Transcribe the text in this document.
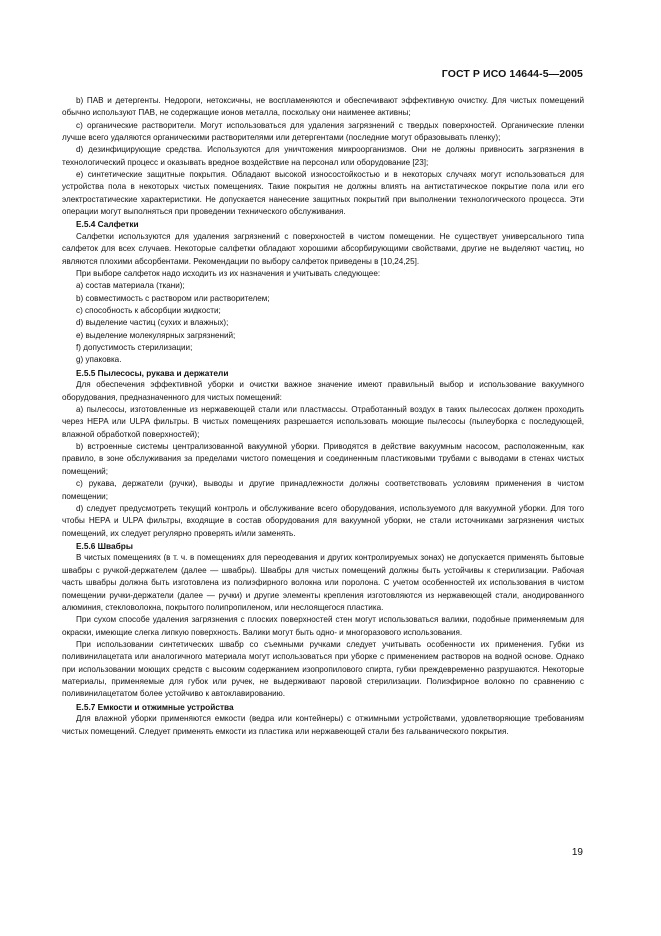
ГОСТ Р ИСО 14644-5—2005

b) ПАВ и детергенты. Недороги, нетоксичны, не воспламеняются и обеспечивают эффективную очистку. Для чистых помещений обычно используют ПАВ, не содержащие ионов металла, поскольку они наименее активны;

c) органические растворители. Могут использоваться для удаления загрязнений с твердых поверхностей. Органические пленки лучше всего удаляются органическими растворителями или детергентами (последние могут образовывать пленку);

d) дезинфицирующие средства. Используются для уничтожения микроорганизмов. Они не должны привносить загрязнения в технологический процесс и оказывать вредное воздействие на персонал или оборудование [23];

e) синтетические защитные покрытия. Обладают высокой износостойкостью и в некоторых случаях могут использоваться для устройства пола в некоторых чистых помещениях. Такие покрытия не должны влиять на антистатическое покрытие пола или его электростатические характеристики. Не допускается нанесение защитных покрытий при выполнении технологического процесса. Эти операции могут выполняться при проведении технического обслуживания.

Е.5.4 Салфетки

Салфетки используются для удаления загрязнений с поверхностей в чистом помещении. Не существует универсального типа салфеток для всех случаев. Некоторые салфетки обладают хорошими абсорбирующими свойствами, другие не выделяют частиц, но являются плохими абсорбентами. Рекомендации по выбору салфеток приведены в [10,24,25].

При выборе салфеток надо исходить из их назначения и учитывать следующее:

a) состав материала (ткани);

b) совместимость с раствором или растворителем;

c) способность к абсорбции жидкости;

d) выделение частиц (сухих и влажных);

e) выделение молекулярных загрязнений;

f) допустимость стерилизации;

g) упаковка.

Е.5.5 Пылесосы, рукава и держатели

Для обеспечения эффективной уборки и очистки важное значение имеют правильный выбор и использование вакуумного оборудования, предназначенного для чистых помещений:

a) пылесосы, изготовленные из нержавеющей стали или пластмассы. Отработанный воздух в таких пылесосах должен проходить через HEPA или ULPA фильтры. В чистых помещениях разрешается использовать моющие пылесосы (пылеуборка с последующей, влажной обработкой поверхностей);

b) встроенные системы централизованной вакуумной уборки. Приводятся в действие вакуумным насосом, расположенным, как правило, в зоне обслуживания за пределами чистого помещения и соединенным пластиковыми трубами с выводами в стенах чистых помещений;

c) рукава, держатели (ручки), выводы и другие принадлежности должны соответствовать условиям применения в чистом помещении;

d) следует предусмотреть текущий контроль и обслуживание всего оборудования, используемого для вакуумной уборки. Для того чтобы HEPA и ULPA фильтры, входящие в состав оборудования для вакуумной уборки, не стали источниками загрязнения чистых помещений, их следует регулярно проверять и/или заменять.

Е.5.6 Швабры

В чистых помещениях (в т. ч. в помещениях для переодевания и других контролируемых зонах) не допускается применять бытовые швабры с ручкой-держателем (далее — швабры). Швабры для чистых помещений должны быть устойчивы к стерилизации. Рабочая часть швабры должна быть изготовлена из полиэфирного волокна или поролона. С учетом особенностей их использования в чистом помещении ручки-держатели (далее — ручки) и другие элементы крепления изготовляются из нержавеющей стали, анодированного алюминия, стекловолокна, покрытого полипропиленом, или неслоящегося пластика.

При сухом способе удаления загрязнения с плоских поверхностей стен могут использоваться валики, подобные применяемым для окраски, имеющие слегка липкую поверхность. Валики могут быть одно- и многоразового использования.

При использовании синтетических швабр со съемными ручками следует учитывать особенности их применения. Губки из поливинилацетата или аналогичного материала могут использоваться при уборке с применением растворов на водной основе. Однако при использовании моющих средств с высоким содержанием изопропилового спирта, губки преждевременно разрушаются. Некоторые материалы, применяемые для губок или ручек, не выдерживают паровой стерилизации. Полиэфирное волокно по сравнению с поливинилацетатом более устойчиво к автоклавированию.

Е.5.7 Емкости и отжимные устройства

Для влажной уборки применяются емкости (ведра или контейнеры) с отжимными устройствами, удовлетворяющие требованиям чистых помещений. Следует применять емкости из пластика или нержавеющей стали без гальванического покрытия.

19
